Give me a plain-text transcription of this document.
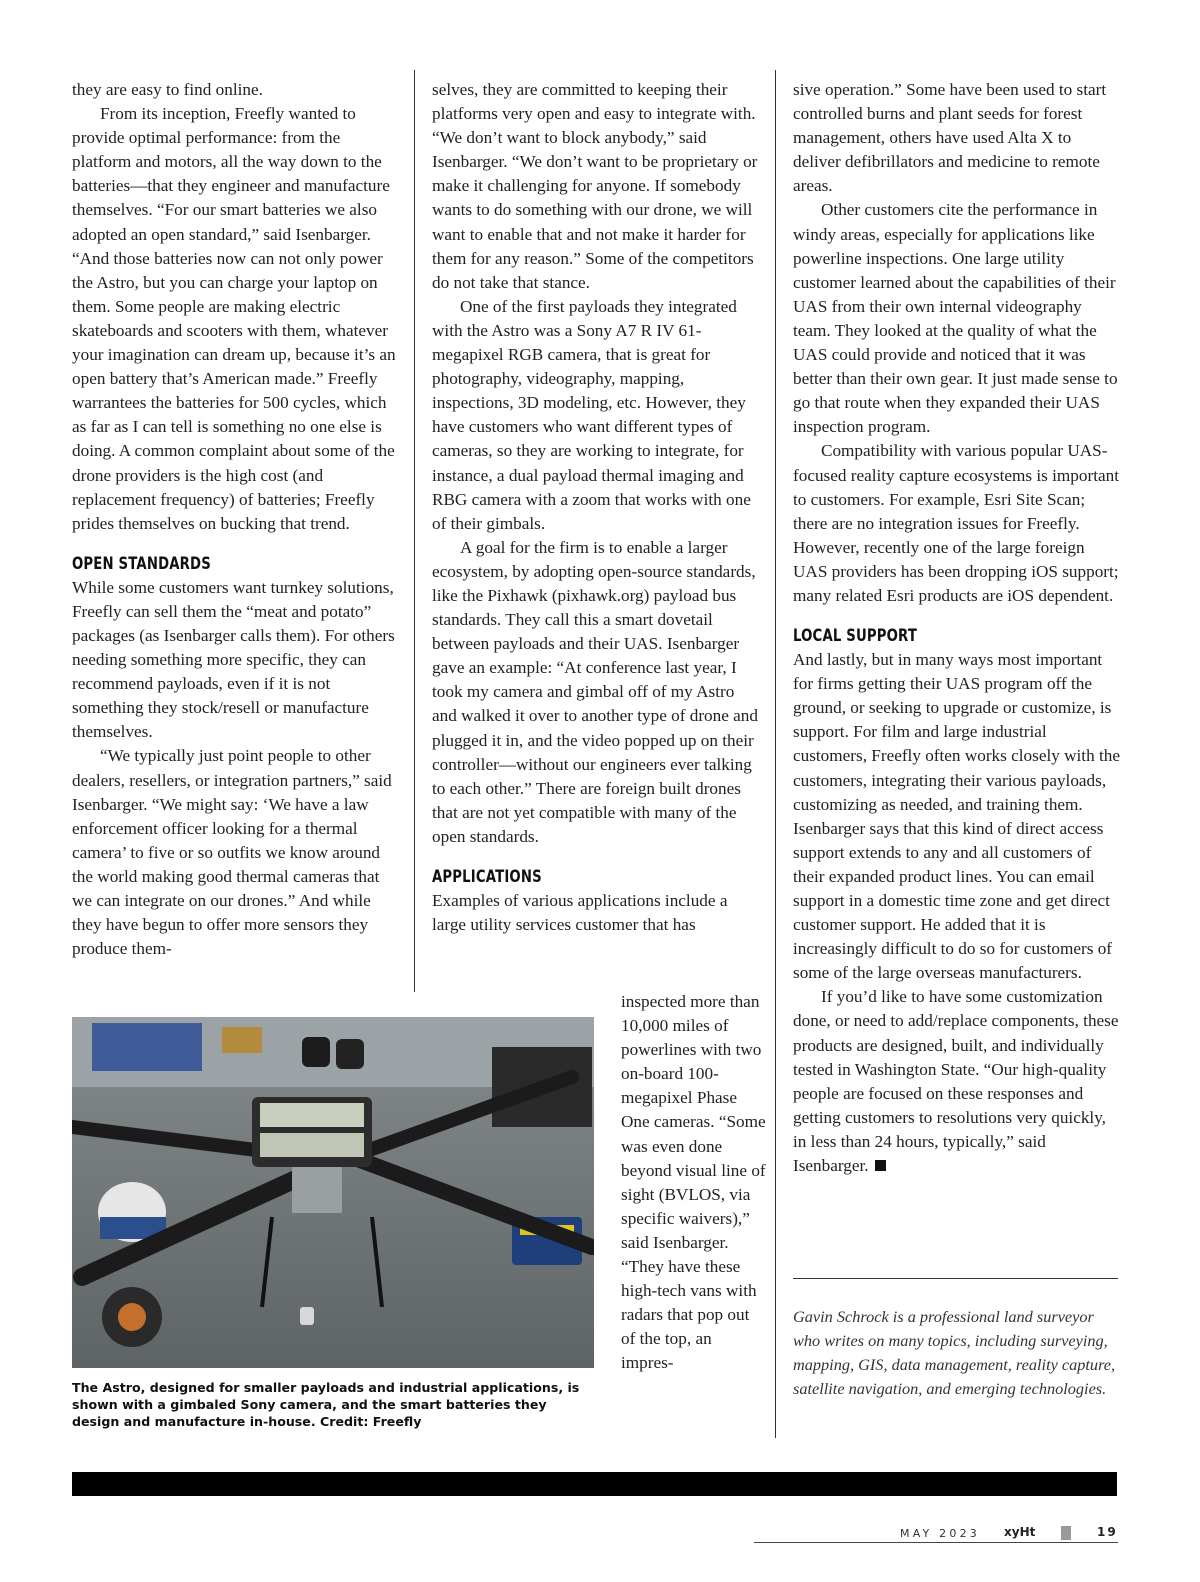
they are easy to find online.

From its inception, Freefly wanted to provide optimal performance: from the platform and motors, all the way down to the batteries—that they engineer and manufacture themselves. “For our smart batteries we also adopted an open standard,” said Isenbarger. “And those batteries now can not only power the Astro, but you can charge your laptop on them. Some people are making electric skateboards and scooters with them, whatever your imagination can dream up, because it’s an open battery that’s American made.” Freefly warrantees the batteries for 500 cycles, which as far as I can tell is something no one else is doing. A common complaint about some of the drone providers is the high cost (and replacement frequency) of batteries; Freefly prides themselves on bucking that trend.

OPEN STANDARDS

While some customers want turnkey solutions, Freefly can sell them the “meat and potato” packages (as Isenbarger calls them). For others needing something more specific, they can recommend payloads, even if it is not something they stock/resell or manufacture themselves.

“We typically just point people to other dealers, resellers, or integration partners,” said Isenbarger. “We might say: ‘We have a law enforcement officer looking for a thermal camera’ to five or so outfits we know around the world making good thermal cameras that we can integrate on our drones.” And while they have begun to offer more sensors they produce them-

selves, they are committed to keeping their platforms very open and easy to integrate with. “We don’t want to block anybody,” said Isenbarger. “We don’t want to be proprietary or make it challenging for anyone. If somebody wants to do something with our drone, we will want to enable that and not make it harder for them for any reason.” Some of the competitors do not take that stance.

One of the first payloads they integrated with the Astro was a Sony A7 R IV 61-megapixel RGB camera, that is great for photography, videography, mapping, inspections, 3D modeling, etc. However, they have customers who want different types of cameras, so they are working to integrate, for instance, a dual payload thermal imaging and RBG camera with a zoom that works with one of their gimbals.

A goal for the firm is to enable a larger ecosystem, by adopting open-source standards, like the Pixhawk (pixhawk.org) payload bus standards. They call this a smart dovetail between payloads and their UAS. Isenbarger gave an example: “At conference last year, I took my camera and gimbal off of my Astro and walked it over to another type of drone and plugged it in, and the video popped up on their controller—without our engineers ever talking to each other.” There are foreign built drones that are not yet compatible with many of the open standards.

APPLICATIONS

Examples of various applications include a large utility services customer that has

inspected more than 10,000 miles of powerlines with two on-board 100-megapixel Phase One cameras. “Some was even done beyond visual line of sight (BVLOS, via specific waivers),” said Isenbarger. “They have these high-tech vans with radars that pop out of the top, an impres-

sive operation.” Some have been used to start controlled burns and plant seeds for forest management, others have used Alta X to deliver defibrillators and medicine to remote areas.

Other customers cite the performance in windy areas, especially for applications like powerline inspections. One large utility customer learned about the capabilities of their UAS from their own internal videography team. They looked at the quality of what the UAS could provide and noticed that it was better than their own gear. It just made sense to go that route when they expanded their UAS inspection program.

Compatibility with various popular UAS-focused reality capture ecosystems is important to customers. For example, Esri Site Scan; there are no integration issues for Freefly. However, recently one of the large foreign UAS providers has been dropping iOS support; many related Esri products are iOS dependent.

LOCAL SUPPORT

And lastly, but in many ways most important for firms getting their UAS program off the ground, or seeking to upgrade or customize, is support. For film and large industrial customers, Freefly often works closely with the customers, integrating their various payloads, customizing as needed, and training them. Isenbarger says that this kind of direct access support extends to any and all customers of their expanded product lines. You can email support in a domestic time zone and get direct customer support. He added that it is increasingly difficult to do so for customers of some of the large overseas manufacturers.

If you’d like to have some customization done, or need to add/replace components, these products are designed, built, and individually tested in Washington State. “Our high-quality people are focused on these responses and getting customers to resolutions very quickly, in less than 24 hours, typically,” said Isenbarger.

The Astro, designed for smaller payloads and industrial applications, is shown with a gimbaled Sony camera, and the smart batteries they design and manufacture in-house. Credit: Freefly
Gavin Schrock is a professional land surveyor who writes on many topics, including surveying, mapping, GIS, data management, reality capture, satellite navigation, and emerging technologies.
MAY 2023 xyHt	19
